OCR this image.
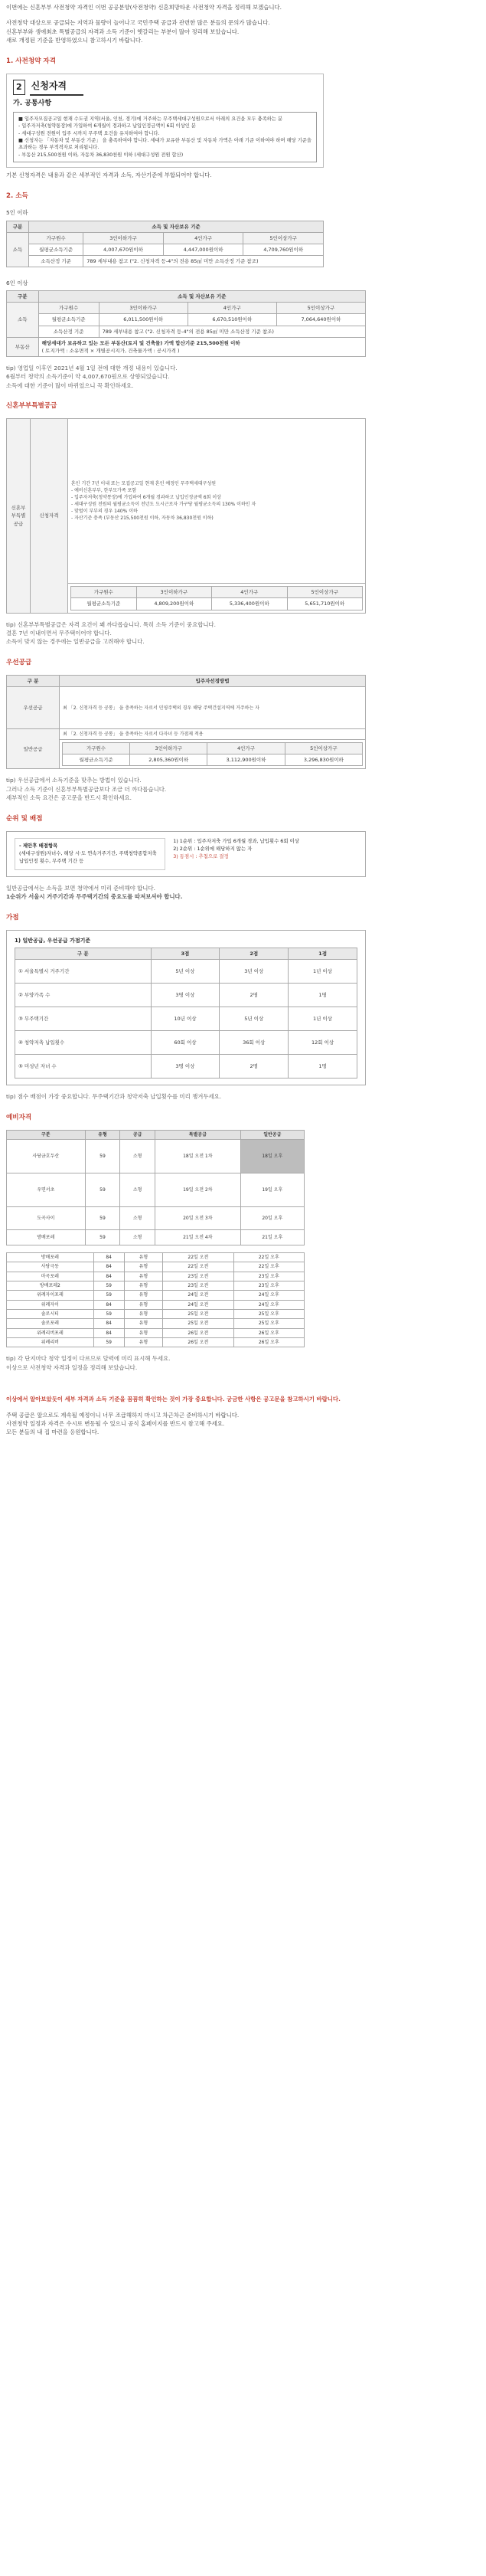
이번에는 신혼부부 사전청약 자격인 이번 공공분양(사전청약) 신혼희망타운 사전청약 자격을 정리해 보겠습니다.
사전청약 대상으로 공급되는 지역과 물량이 늘어나고 국민주택 공급과 관련한 많은 분들의 문의가 많습니다.
신혼부부와 생애최초 특별공급의 자격과 소득 기준이 헷갈리는 부분이 많아 정리해 보았습니다.
새로 개정된 기준을 반영하였으니 참고하시기 바랍니다.
1. 사전청약 자격
2	신청자격
가. 공통사항
■ 입주자모집공고일 현재 수도권 지역(서울, 인천, 경기)에 거주하는 무주택세대구성원으로서 아래의 요건을 모두 충족하는 분
- 입주자저축(청약통장)에 가입하여 6개월이 경과하고 납입인정금액이 6회 이상인 분
- 세대구성원 전원이 입주 시까지 무주택 요건을 유지하여야 합니다.
■ 신청자는 「자동차 및 부동산 기준」 을 충족하여야 합니다. 세대가 보유한 부동산 및 자동차 가액은 아래 기준 이하여야 하며 해당 기준을 초과하는 경우 부적격자로 처리됩니다.
- 부동산 215,500천원 이하, 자동차 36,830천원 이하 (세대구성원 전원 합산)
기본 신청자격은 내용과 같은 세부적인 자격과 소득, 자산기준에 부합되어야 합니다.
2. 소득
5인 이하
구분	소득 및 자산보유 기준			
소득	가구원수	3인이하가구	4인가구	5인이상가구
	월평균소득기준	4,007,670원이하	4,447,000원이하	4,709,760원이하
	소득산정 기준	789 세부내용 참고 ("2. 신청자격 등-4"의 전용 85㎡ 미만 소득산정 기준 참조)		
6인 이상
구분	소득 및 자산보유 기준			
소득	가구원수	3인이하가구	4인가구	5인이상가구
	월평균소득기준	6,011,500원이하	6,670,510원이하	7,064,640원이하
	소득산정 기준	789 세부내용 참고 ("2. 신청자격 등-4"의 전용 85㎡ 미만 소득산정 기준 참조)		
부동산	해당세대가 보유하고 있는 모든 부동산(토지 및 건축물) 가액 합산기준 215,500천원 이하
( 토지가액 : 소유면적 × 개별공시지가, 건축물가액 : 공시가격 )			
tip) 영업일 이후인 2021년 4월 1일 전에 대한 개정 내용이 있습니다.
6월부터 청약의 소득기준이 약 4,007,670원으로 상향되었습니다.
소득에 대한 기준이 많이 바뀌었으니 꼭 확인하세요.
신혼부부특별공급
신혼부부특별공급	신청자격	
혼인 기간 7년 이내 또는 모집공고일 현재 혼인 예정인 무주택세대구성원
- 예비신혼부부, 한부모가족 포함
- 입주자저축(청약통장)에 가입하여 6개월 경과하고 납입인정금액 6회 이상
- 세대구성원 전원의 월평균소득이 전년도 도시근로자 가구당 월평균소득의 130% 이하인 자
- 맞벌이 부부의 경우 140% 이하
- 자산기준 충족 (부동산 215,500천원 이하, 자동차 36,830천원 이하)

가구원수	3인이하가구	4인가구	5인이상가구
월평균소득기준	4,809,200원이하	5,336,400원이하	5,651,710원이하
tip) 신혼부부특별공급은 자격 요건이 꽤 까다롭습니다. 특히 소득 기준이 중요합니다.
결혼 7년 이내이면서 무주택이어야 합니다.
소득이 맞지 않는 경우에는 일반공급을 고려해야 합니다.
우선공급
구 분	입주자선정방법
우선공급	최 「2. 신청자격 등 공통」 을 충족하는 자로서 민영주택의 경우 해당 주택건설지역에 거주하는 자
일반공급	최 「2. 신청자격 등 공통」 을 충족하는 자로서 다자녀 등 가점제 적용

가구원수	3인이하가구	4인가구	5인이상가구
월평균소득기준	2,805,360원이하	3,112,900원이하	3,296,830원이하
tip) 우선공급에서 소득기준을 맞추는 방법이 있습니다.
그러나 소득 기준이 신혼부부특별공급보다 조금 더 까다롭습니다.
세부적인 소득 요건은 공고문을 반드시 확인하세요.
순위 및 배점
- 제안후 배점항목
(세대구성원)자녀수, 해당 시·도 연속거주기간, 주택청약종합저축 납입인정 횟수, 무주택 기간 등
1) 1순위 : 입주자저축 가입 6개월 경과, 납입횟수 6회 이상
2) 2순위 : 1순위에 해당하지 않는 자
3) 동점시 : 추첨으로 결정
일반공급에서는 소득을 보면 청약에서 미리 준비해야 합니다.
1순위가 서울시 거주기간과 무주택기간의 중요도를 따져보셔야 합니다.
가점
1) 일반공급, 우선공급 가점기준
구 분	3점	2점	1점
① 서울특별시 거주기간	5년 이상	3년 이상	1년 이상
② 부양가족 수	3명 이상	2명	1명
③ 무주택기간	10년 이상	5년 이상	1년 이상
④ 청약저축 납입횟수	60회 이상	36회 이상	12회 이상
⑤ 미성년 자녀 수	3명 이상	2명	1명
tip) 점수 배점이 가장 중요합니다. 무주택기간과 청약저축 납입횟수를 미리 챙겨두세요.
예비자격
구분	유형	공급	특별공급	일반공급
사당금호두산	59	소형	18일 오전 1차	18일 오후
우면서초	59	소형	19일 오전 2차	19일 오후
도곡사이	59	소형	20일 오전 3차	20일 오후
방배포레	59	소형	21일 오전 4차	21일 오후
방배포레	84	유형	22일 오전	22일 오후
사당극동	84	유형	22일 오전	22일 오후
마곡포레	84	유형	23일 오전	23일 오후
방배포레2	59	유형	23일 오전	23일 오후
위례자이포레	59	유형	24일 오전	24일 오후
위례자이	84	유형	24일 오전	24일 오후
솔로시티	59	유형	25일 오전	25일 오후
솔로포레	84	유형	25일 오전	25일 오후
위례리버포레	84	유형	26일 오전	26일 오후
위례리버	59	유형	26일 오전	26일 오후
tip) 각 단지마다 청약 일정이 다르므로 달력에 미리 표시해 두세요.
이상으로 사전청약 자격과 일정을 정리해 보았습니다.
이상에서 알아보았듯이 세부 자격과 소득 기준을 꼼꼼히 확인하는 것이 가장 중요합니다. 궁금한 사항은 공고문을 참고하시기 바랍니다.
주택 공급은 앞으로도 계속될 예정이니 너무 조급해하지 마시고 차근차근 준비하시기 바랍니다.
사전청약 일정과 자격은 수시로 변동될 수 있으니 공식 홈페이지를 반드시 참고해 주세요.
모든 분들의 내 집 마련을 응원합니다.
